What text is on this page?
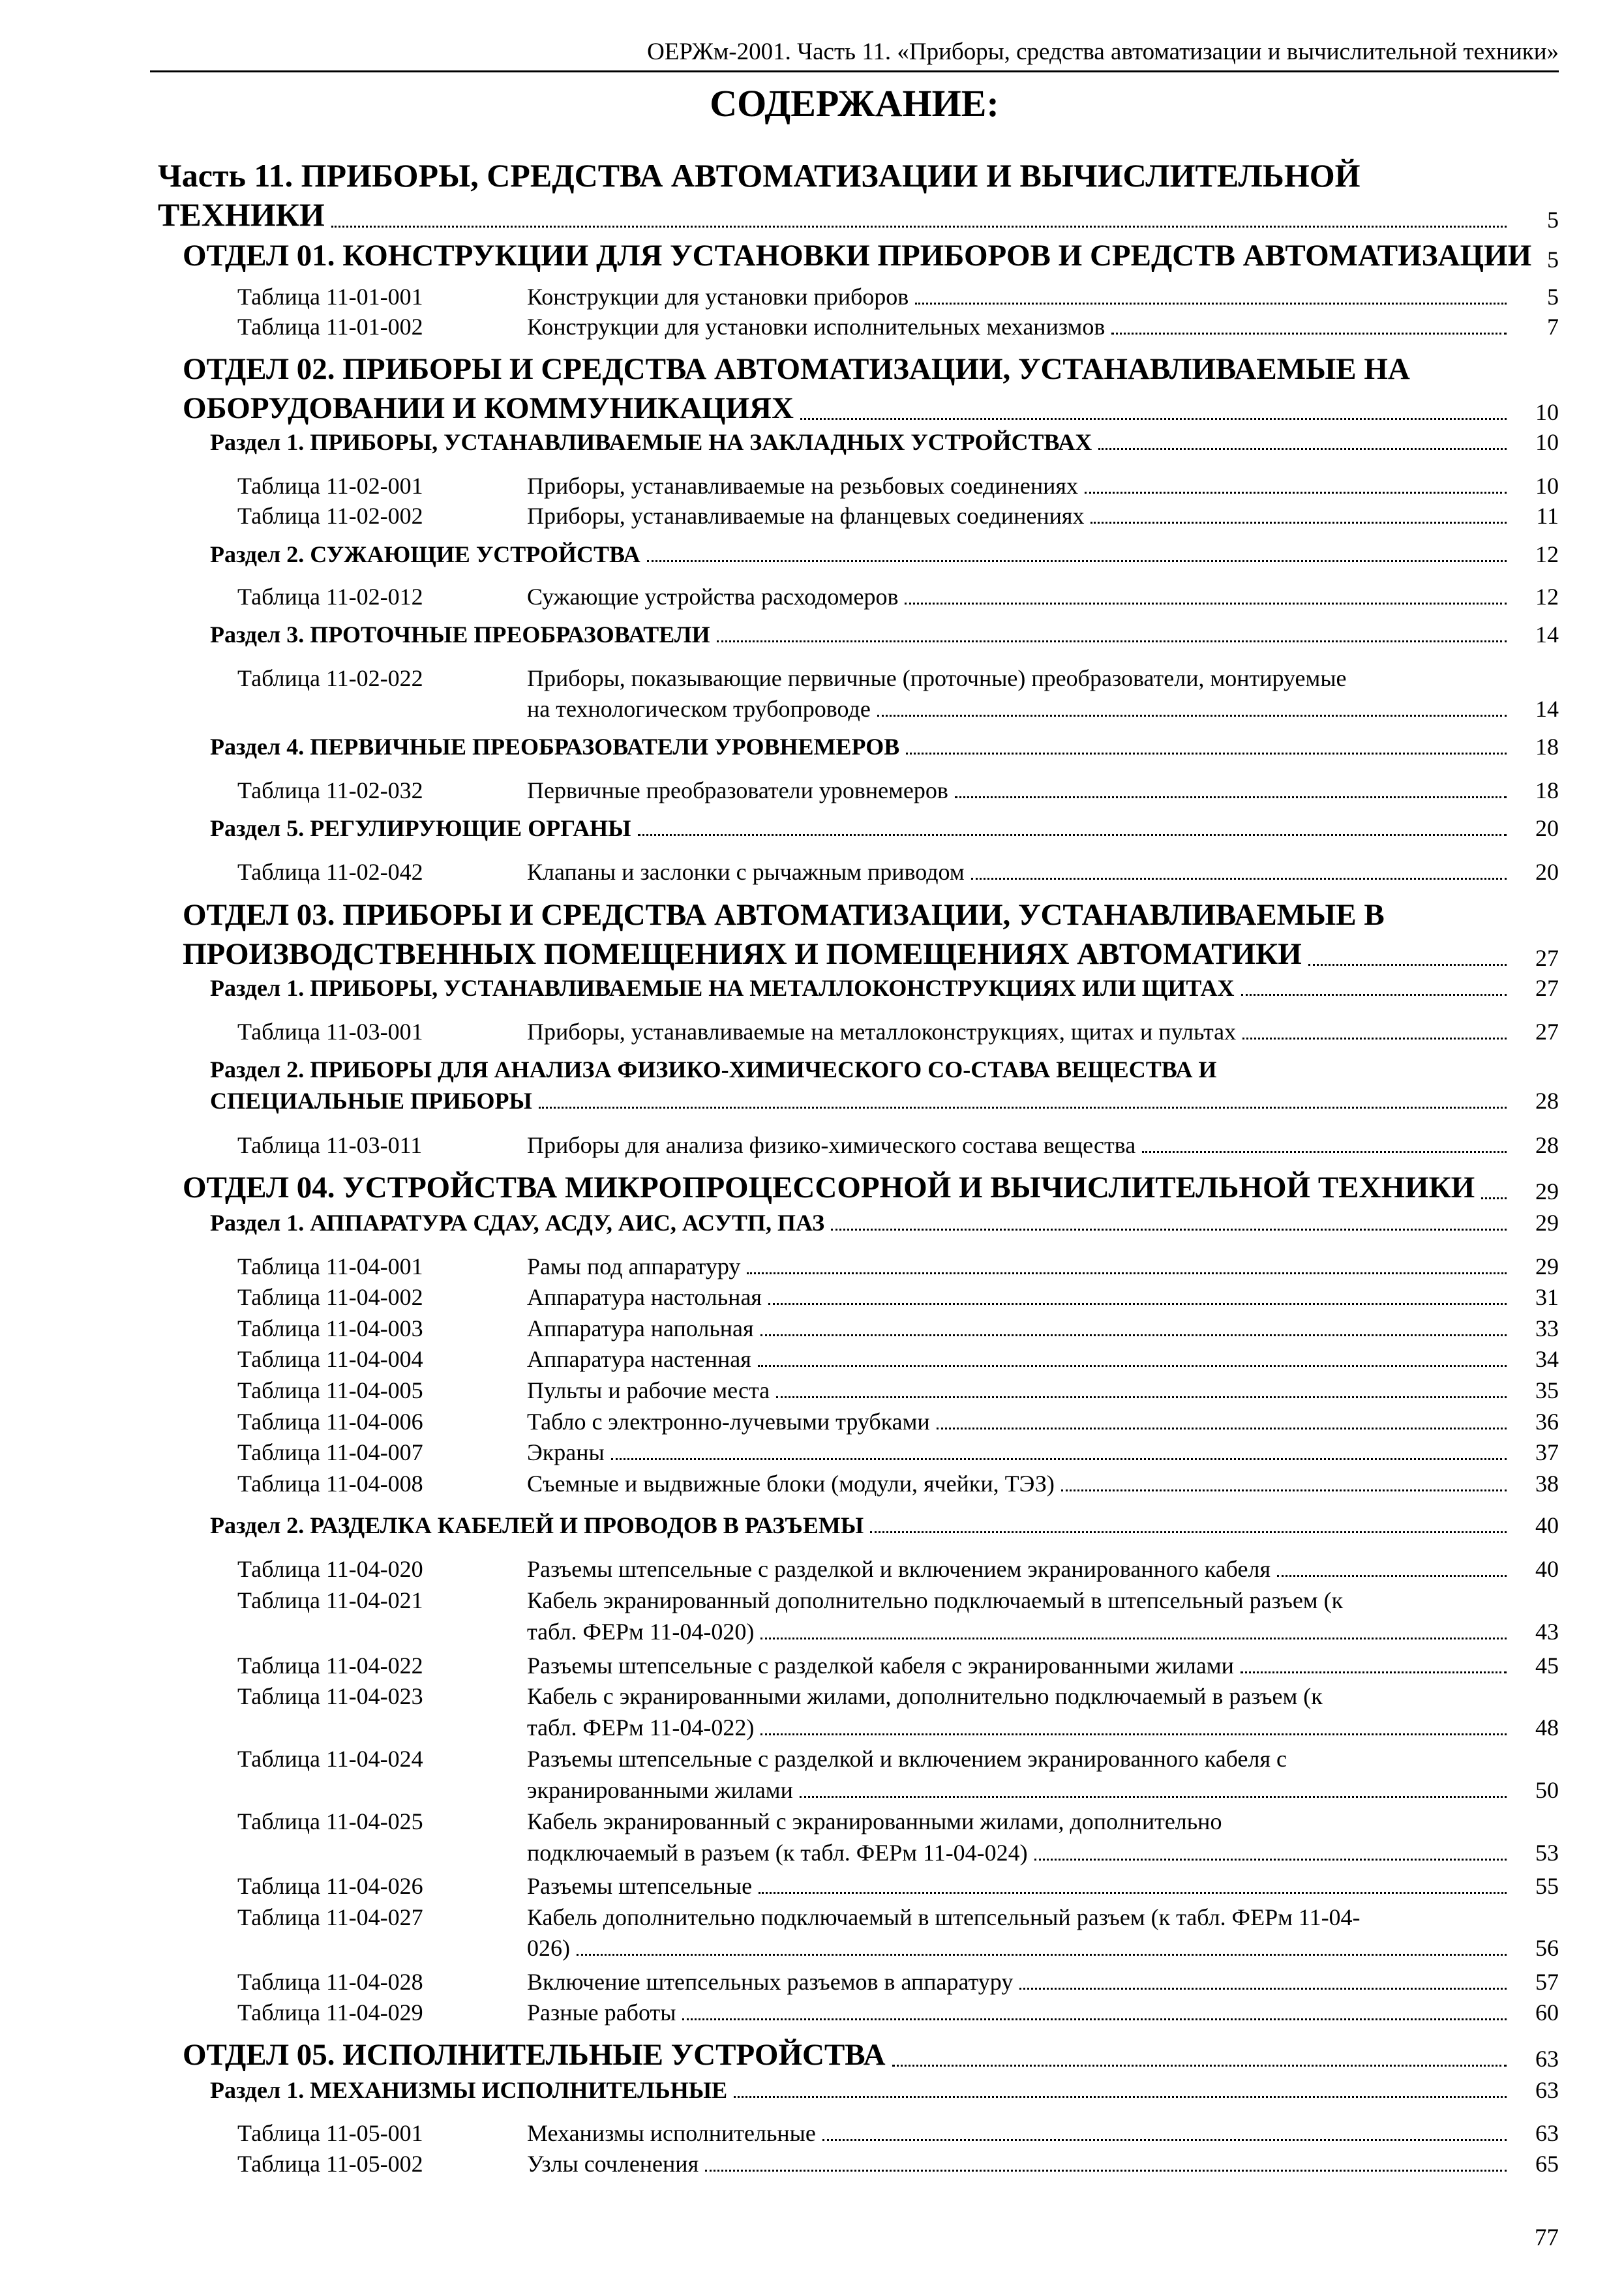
ОЕРЖм-2001. Часть 11. «Приборы, средства автоматизации и вычислительной техники»
СОДЕРЖАНИЕ:
Часть 11. ПРИБОРЫ, СРЕДСТВА АВТОМАТИЗАЦИИ И ВЫЧИСЛИТЕЛЬНОЙ
ТЕХНИКИ	5
ОТДЕЛ 01. КОНСТРУКЦИИ ДЛЯ УСТАНОВКИ ПРИБОРОВ И СРЕДСТВ АВТОМАТИЗАЦИИ 5
Таблица 11-01-001	Конструкции для установки приборов	5
Таблица 11-01-002	Конструкции для установки исполнительных механизмов	7
ОТДЕЛ 02. ПРИБОРЫ И СРЕДСТВА АВТОМАТИЗАЦИИ, УСТАНАВЛИВАЕМЫЕ НА
ОБОРУДОВАНИИ И КОММУНИКАЦИЯХ	10
Раздел 1. ПРИБОРЫ, УСТАНАВЛИВАЕМЫЕ НА ЗАКЛАДНЫХ УСТРОЙСТВАХ	10
Таблица 11-02-001	Приборы, устанавливаемые на резьбовых соединениях	10
Таблица 11-02-002	Приборы, устанавливаемые на фланцевых соединениях	11
Раздел 2. СУЖАЮЩИЕ УСТРОЙСТВА	12
Таблица 11-02-012	Сужающие устройства расходомеров	12
Раздел 3. ПРОТОЧНЫЕ ПРЕОБРАЗОВАТЕЛИ	14
Таблица 11-02-022	Приборы, показывающие первичные (проточные) преобразователи, монтируемые
на технологическом трубопроводе	14
Раздел 4. ПЕРВИЧНЫЕ ПРЕОБРАЗОВАТЕЛИ УРОВНЕМЕРОВ	18
Таблица 11-02-032	Первичные преобразователи уровнемеров	18
Раздел 5. РЕГУЛИРУЮЩИЕ ОРГАНЫ	20
Таблица 11-02-042	Клапаны и заслонки с рычажным приводом	20
ОТДЕЛ 03. ПРИБОРЫ И СРЕДСТВА АВТОМАТИЗАЦИИ, УСТАНАВЛИВАЕМЫЕ В
ПРОИЗВОДСТВЕННЫХ ПОМЕЩЕНИЯХ И ПОМЕЩЕНИЯХ АВТОМАТИКИ	27
Раздел 1. ПРИБОРЫ, УСТАНАВЛИВАЕМЫЕ НА МЕТАЛЛОКОНСТРУКЦИЯХ ИЛИ ЩИТАХ	27
Таблица 11-03-001	Приборы, устанавливаемые на металлоконструкциях, щитах и пультах	27
Раздел 2. ПРИБОРЫ ДЛЯ АНАЛИЗА ФИЗИКО-ХИМИЧЕСКОГО СО-СТАВА ВЕЩЕСТВА И
СПЕЦИАЛЬНЫЕ ПРИБОРЫ	28
Таблица 11-03-011	Приборы для анализа физико-химического состава вещества	28
ОТДЕЛ 04. УСТРОЙСТВА МИКРОПРОЦЕССОРНОЙ И ВЫЧИСЛИТЕЛЬНОЙ ТЕХНИКИ	29
Раздел 1. АППАРАТУРА СДАУ, АСДУ, АИС, АСУТП, ПАЗ	29
Таблица 11-04-001	Рамы под аппаратуру	29
Таблица 11-04-002	Аппаратура настольная	31
Таблица 11-04-003	Аппаратура напольная	33
Таблица 11-04-004	Аппаратура настенная	34
Таблица 11-04-005	Пульты и рабочие места	35
Таблица 11-04-006	Табло с электронно-лучевыми трубками	36
Таблица 11-04-007	Экраны	37
Таблица 11-04-008	Съемные и выдвижные блоки (модули, ячейки, ТЭЗ)	38
Раздел 2. РАЗДЕЛКА КАБЕЛЕЙ И ПРОВОДОВ В РАЗЪЕМЫ	40
Таблица 11-04-020	Разъемы штепсельные с разделкой и включением экранированного кабеля	40
Таблица 11-04-021	Кабель экранированный дополнительно подключаемый в штепсельный разъем (к
табл. ФЕРм 11-04-020)	43
Таблица 11-04-022	Разъемы штепсельные с разделкой кабеля с экранированными жилами	45
Таблица 11-04-023	Кабель с экранированными жилами, дополнительно подключаемый в разъем (к
табл. ФЕРм 11-04-022)	48
Таблица 11-04-024	Разъемы штепсельные с разделкой и включением экранированного кабеля с
экранированными жилами	50
Таблица 11-04-025	Кабель экранированный с экранированными жилами, дополнительно
подключаемый в разъем (к табл. ФЕРм 11-04-024)	53
Таблица 11-04-026	Разъемы штепсельные	55
Таблица 11-04-027	Кабель дополнительно подключаемый в штепсельный разъем (к табл. ФЕРм 11-04-
026)	56
Таблица 11-04-028	Включение штепсельных разъемов в аппаратуру	57
Таблица 11-04-029	Разные работы	60
ОТДЕЛ 05. ИСПОЛНИТЕЛЬНЫЕ УСТРОЙСТВА	63
Раздел 1. МЕХАНИЗМЫ ИСПОЛНИТЕЛЬНЫЕ	63
Таблица 11-05-001	Механизмы исполнительные	63
Таблица 11-05-002	Узлы сочленения	65
77
